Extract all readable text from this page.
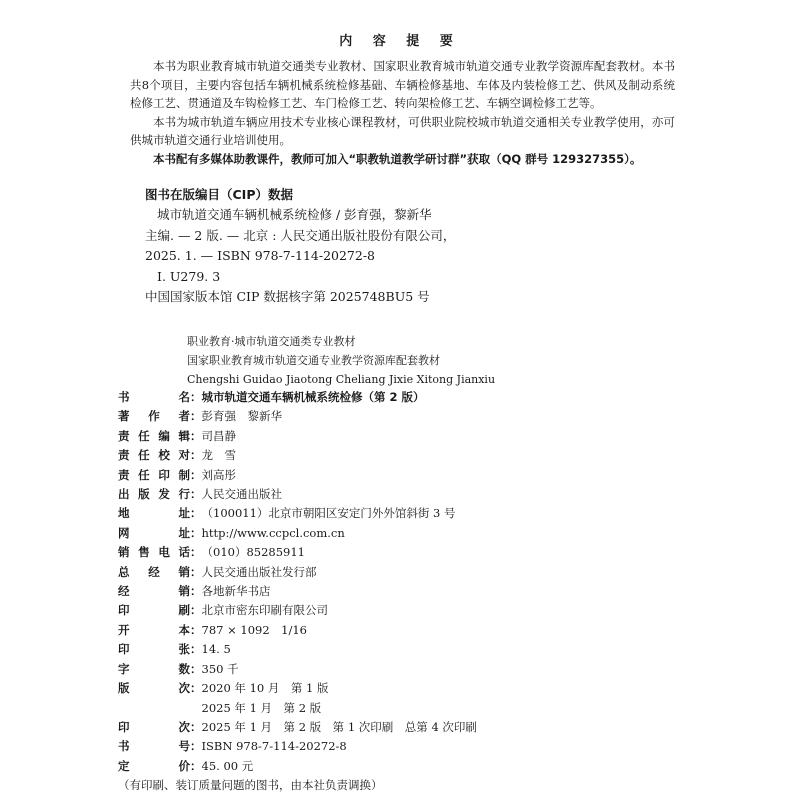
内 容 提 要

本书为职业教育城市轨道交通类专业教材、国家职业教育城市轨道交通专业教学资源库配套教材。本书共8个项目，主要内容包括车辆机械系统检修基础、车辆检修基地、车体及内装检修工艺、供风及制动系统检修工艺、贯通道及车钩检修工艺、车门检修工艺、转向架检修工艺、车辆空调检修工艺等。

本书为城市轨道车辆应用技术专业核心课程教材，可供职业院校城市轨道交通相关专业教学使用，亦可供城市轨道交通行业培训使用。

本书配有多媒体助教课件，教师可加入“职教轨道教学研讨群”获取（QQ 群号 129327355）。

图书在版编目（CIP）数据
城市轨道交通车辆机械系统检修 / 彭育强，黎新华
主编. — 2 版. — 北京 : 人民交通出版社股份有限公司，
2025. 1. — ISBN 978-7-114-20272-8
Ⅰ. U279. 3
中国国家版本馆 CIP 数据核字第 2025748BU5 号
职业教育·城市轨道交通类专业教材
国家职业教育城市轨道交通专业教学资源库配套教材
Chengshi Guidao Jiaotong Cheliang Jixie Xitong Jianxiu
书	名 ： 城市轨道交通车辆机械系统检修（第 2 版）
著 作 者 ： 彭育强　黎新华
责 任 编 辑 ： 司昌静
责 任 校 对 ： 龙　雪
责 任 印 制 ： 刘高彤
出 版 发 行 ： 人民交通出版社
地	址 ： （100011）北京市朝阳区安定门外外馆斜街 3 号
网	址 ： http://www.ccpcl.com.cn
销 售 电 话 ： （010）85285911
总 经 销 ： 人民交通出版社发行部
经	销 ： 各地新华书店
印	刷 ： 北京市密东印刷有限公司
开	本 ： 787 × 1092　1/16
印	张 ： 14. 5
字	数 ： 350 千
版	次 ： 2020 年 10 月　第 1 版
2025 年 1 月　第 2 版
印	次 ： 2025 年 1 月　第 2 版　第 1 次印刷　总第 4 次印刷
书	号 ： ISBN 978-7-114-20272-8
定	价 ： 45. 00 元
（有印刷、装订质量问题的图书，由本社负责调换）
